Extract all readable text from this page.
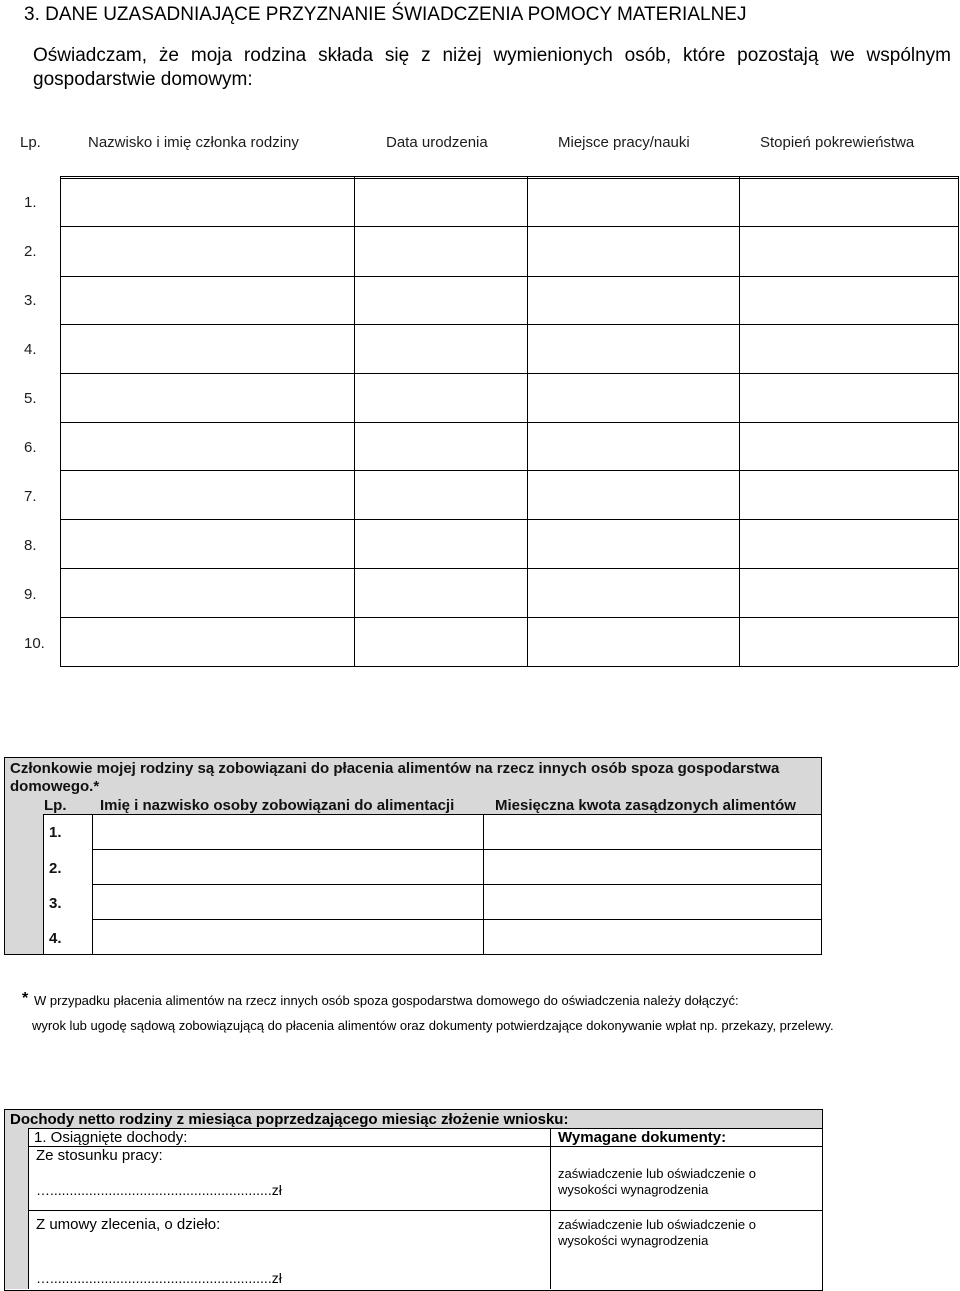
3. DANE UZASADNIAJĄCE PRZYZNANIE ŚWIADCZENIA POMOCY MATERIALNEJ
Oświadczam, że moja rodzina składa się z niżej wymienionych osób, które pozostają we wspólnym gospodarstwie domowym:
Lp.	Nazwisko i imię członka rodziny	Data urodzenia	Miejsce pracy/nauki	Stopień pokrewieństwa
1.
2.
3.
4.
5.
6.
7.
8.
9.
10.
Członkowie mojej rodziny są zobowiązani do płacenia alimentów na rzecz innych osób spoza gospodarstwa domowego.*
Lp. Imię i nazwisko osoby zobowiązani do alimentacji	Miesięczna kwota zasądzonych alimentów
1.
2.
3.
4.
* W przypadku płacenia alimentów na rzecz innych osób spoza gospodarstwa domowego do oświadczenia należy dołączyć:
wyrok lub ugodę sądową zobowiązującą do płacenia alimentów oraz dokumenty potwierdzające dokonywanie wpłat np. przekazy, przelewy.
Dochody netto rodziny z miesiąca poprzedzającego miesiąc złożenie wniosku:
1. Osiągnięte dochody:	Wymagane dokumenty:
Ze stosunku pracy:
….........................................................zł
zaświadczenie lub oświadczenie o wysokości wynagrodzenia
Z umowy zlecenia, o dzieło:
….........................................................zł
zaświadczenie lub oświadczenie o wysokości wynagrodzenia
